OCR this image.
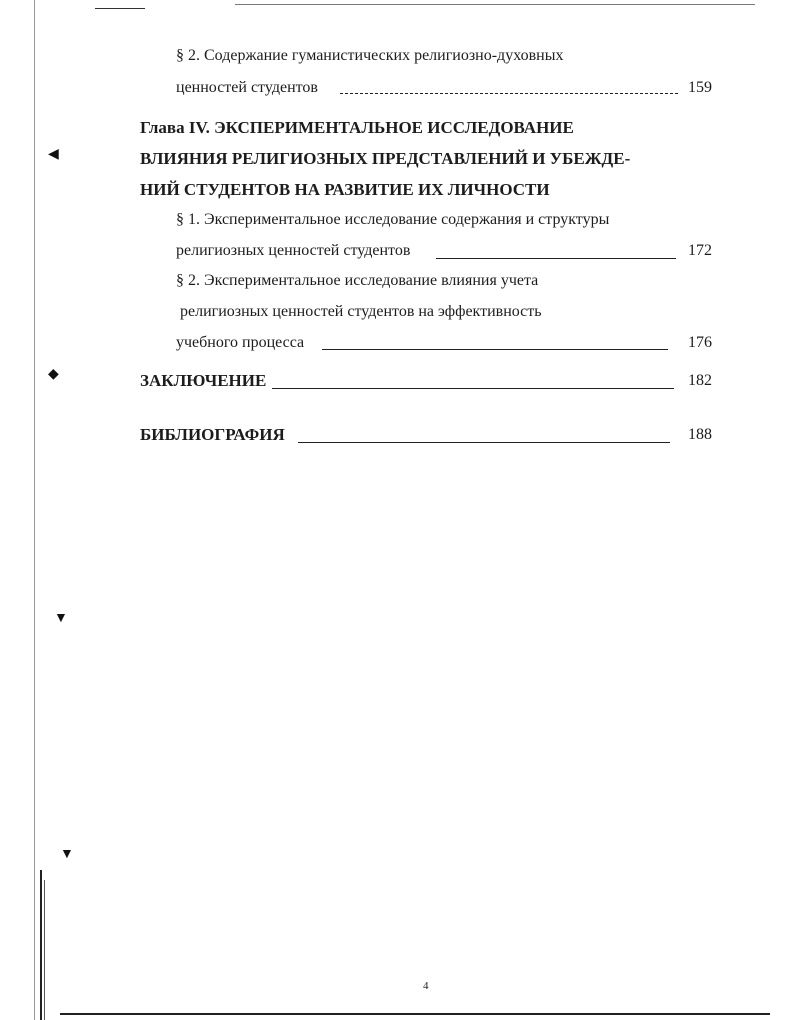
◀
◆
▼
▼
§ 2. Содержание гуманистических религиозно-духовных
ценностей студентов	159
Глава IV. ЭКСПЕРИМЕНТАЛЬНОЕ ИССЛЕДОВАНИЕ
ВЛИЯНИЯ РЕЛИГИОЗНЫХ ПРЕДСТАВЛЕНИЙ И УБЕЖДЕ-
НИЙ СТУДЕНТОВ НА РАЗВИТИЕ ИХ ЛИЧНОСТИ
§ 1. Экспериментальное исследование содержания и структуры
религиозных ценностей студентов	172
§ 2. Экспериментальное исследование влияния учета
религиозных ценностей студентов на эффективность
учебного процесса	176
ЗАКЛЮЧЕНИЕ	182
БИБЛИОГРАФИЯ	188
4
